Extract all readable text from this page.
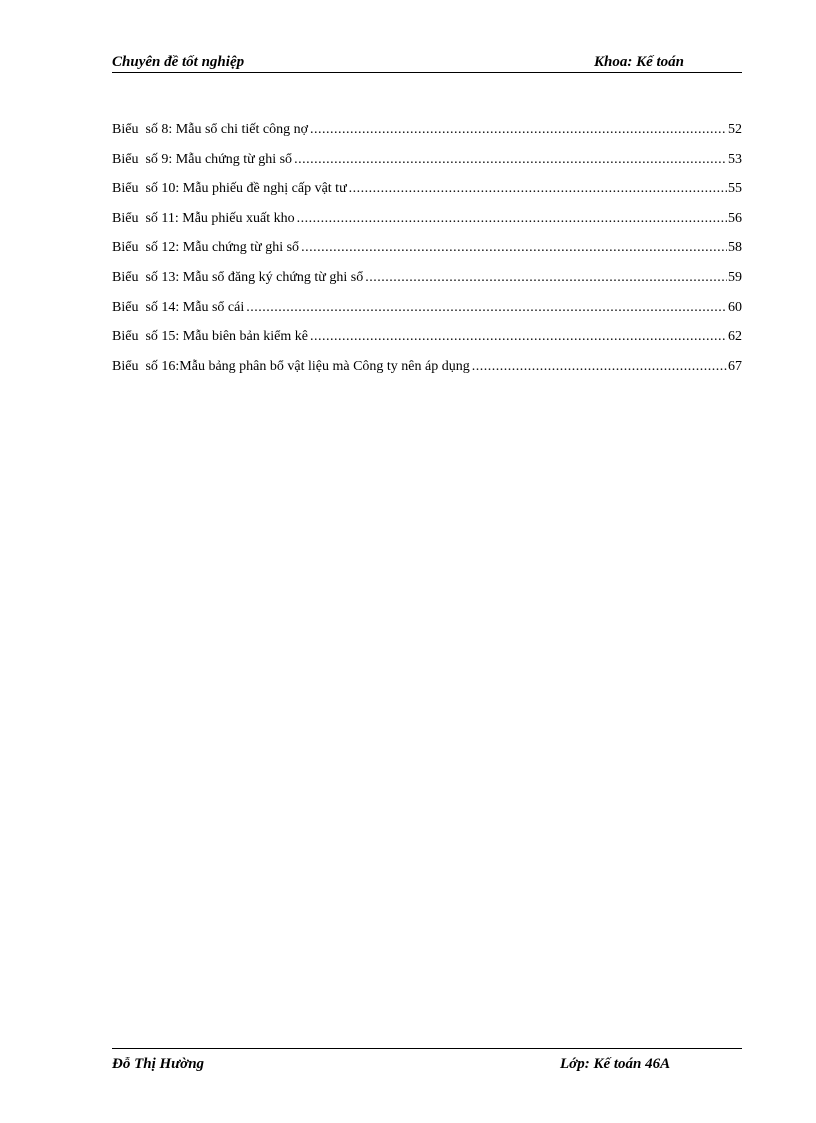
Chuyên đề tốt nghiệp	Khoa: Kế toán
Biểu  số 8: Mẫu sổ chi tiết công nợ .....	52
Biểu  số 9: Mẫu chứng từ ghi sổ .....	53
Biểu  số 10: Mẫu phiếu đề nghị cấp vật tư .....	55
Biểu  số 11: Mẫu phiếu xuất kho .....	56
Biểu  số 12: Mẫu chứng từ ghi sổ .....	58
Biểu  số 13: Mẫu sổ đăng ký chứng từ ghi sổ .....	59
Biểu  số 14: Mẫu sổ cái .....	60
Biểu  số 15: Mẫu biên bản kiểm kê .....	62
Biểu  số 16:Mẫu bảng phân bổ vật liệu mà Công ty nên áp dụng .....	67
Đỗ Thị Hường	Lớp: Kế toán 46A
